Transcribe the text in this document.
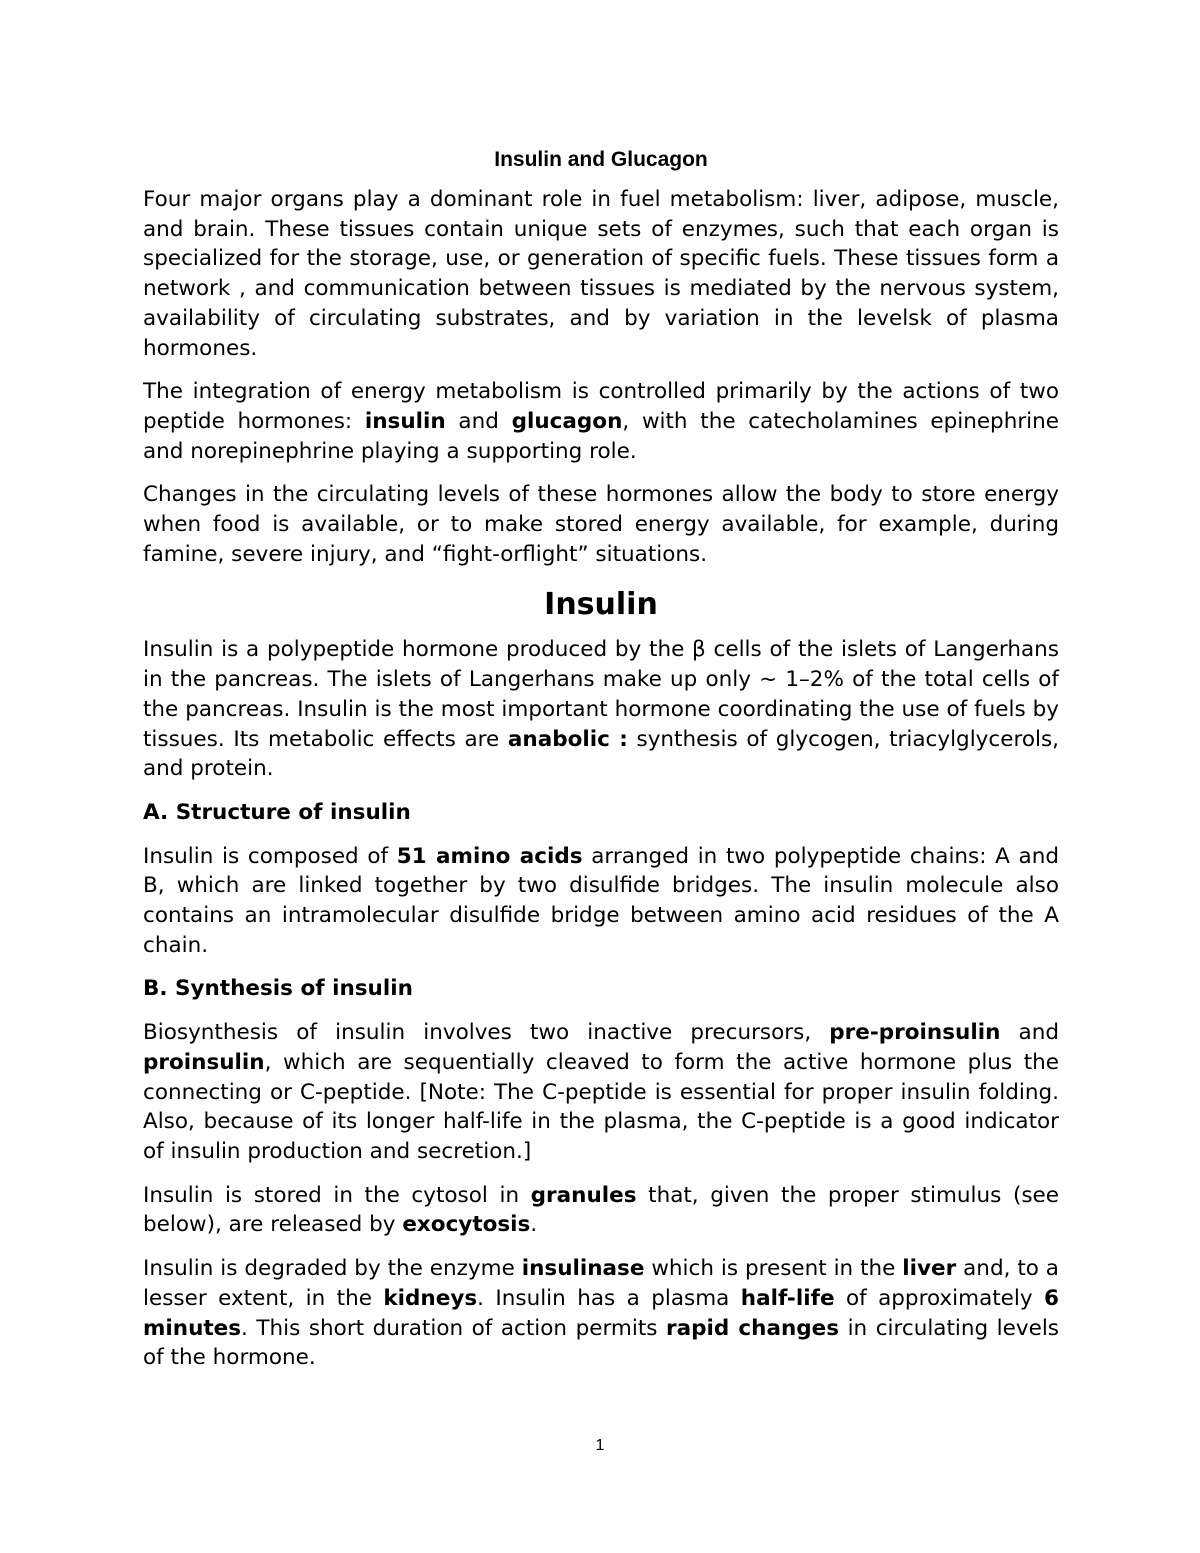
Insulin and Glucagon

Four major organs play a dominant role in fuel metabolism: liver, adipose, muscle, and brain. These tissues contain unique sets of enzymes, such that each organ is specialized for the storage, use, or generation of specific fuels. These tissues form a network , and communication between tissues is mediated by the nervous system, availability of circulating substrates, and by variation in the levelsk of plasma hormones.

The integration of energy metabolism is controlled primarily by the actions of two peptide hormones: insulin and glucagon, with the catecholamines epinephrine and norepinephrine playing a supporting role.

Changes in the circulating levels of these hormones allow the body to store energy when food is available, or to make stored energy available, for example, during famine, severe injury, and “fight-orflight” situations.

Insulin

Insulin is a polypeptide hormone produced by the β cells of the islets of Langerhans in the pancreas. The islets of Langerhans make up only ~ 1–2% of the total cells of the pancreas. Insulin is the most important hormone coordinating the use of fuels by tissues. Its metabolic effects are anabolic : synthesis of glycogen, triacylglycerols, and protein.

A. Structure of insulin

Insulin is composed of 51 amino acids arranged in two polypeptide chains: A and B, which are linked together by two disulfide bridges. The insulin molecule also contains an intramolecular disulfide bridge between amino acid residues of the A chain.

B. Synthesis of insulin

Biosynthesis of insulin involves two inactive precursors, pre-proinsulin and proinsulin, which are sequentially cleaved to form the active hormone plus the connecting or C-peptide. [Note: The C-peptide is essential for proper insulin folding. Also, because of its longer half-life in the plasma, the C-peptide is a good indicator of insulin production and secretion.]

Insulin is stored in the cytosol in granules that, given the proper stimulus (see below), are released by exocytosis.

Insulin is degraded by the enzyme insulinase which is present in the liver and, to a lesser extent, in the kidneys. Insulin has a plasma half-life of approximately 6 minutes. This short duration of action permits rapid changes in circulating levels of the hormone.

1
